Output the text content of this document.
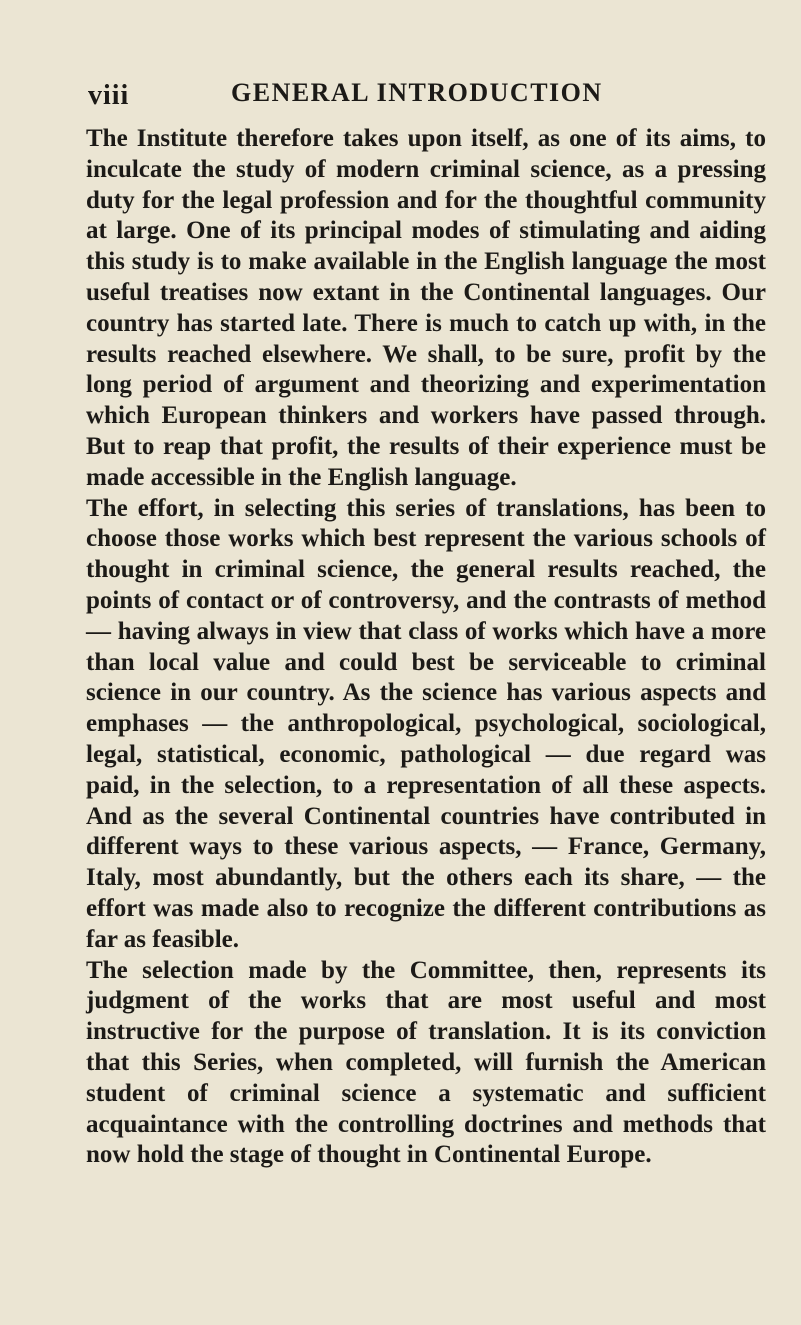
viii	GENERAL INTRODUCTION

The Institute therefore takes upon itself, as one of its aims, to inculcate the study of modern criminal science, as a pressing duty for the legal profession and for the thoughtful community at large. One of its principal modes of stimulating and aiding this study is to make available in the English language the most useful treatises now extant in the Continental languages. Our country has started late. There is much to catch up with, in the results reached elsewhere. We shall, to be sure, profit by the long period of argument and theorizing and experimentation which European thinkers and workers have passed through. But to reap that profit, the results of their experience must be made accessible in the English language.

The effort, in selecting this series of translations, has been to choose those works which best represent the various schools of thought in criminal science, the general results reached, the points of contact or of controversy, and the contrasts of method — having always in view that class of works which have a more than local value and could best be serviceable to criminal science in our country. As the science has various aspects and emphases — the anthropological, psychological, sociological, legal, statistical, economic, pathological — due regard was paid, in the selection, to a representation of all these aspects. And as the several Continental countries have contributed in different ways to these various aspects, — France, Germany, Italy, most abundantly, but the others each its share, — the effort was made also to recognize the different contributions as far as feasible.

The selection made by the Committee, then, represents its judgment of the works that are most useful and most instructive for the purpose of translation. It is its conviction that this Series, when completed, will furnish the American student of criminal science a systematic and sufficient acquaintance with the controlling doctrines and methods that now hold the stage of thought in Continental Europe.
